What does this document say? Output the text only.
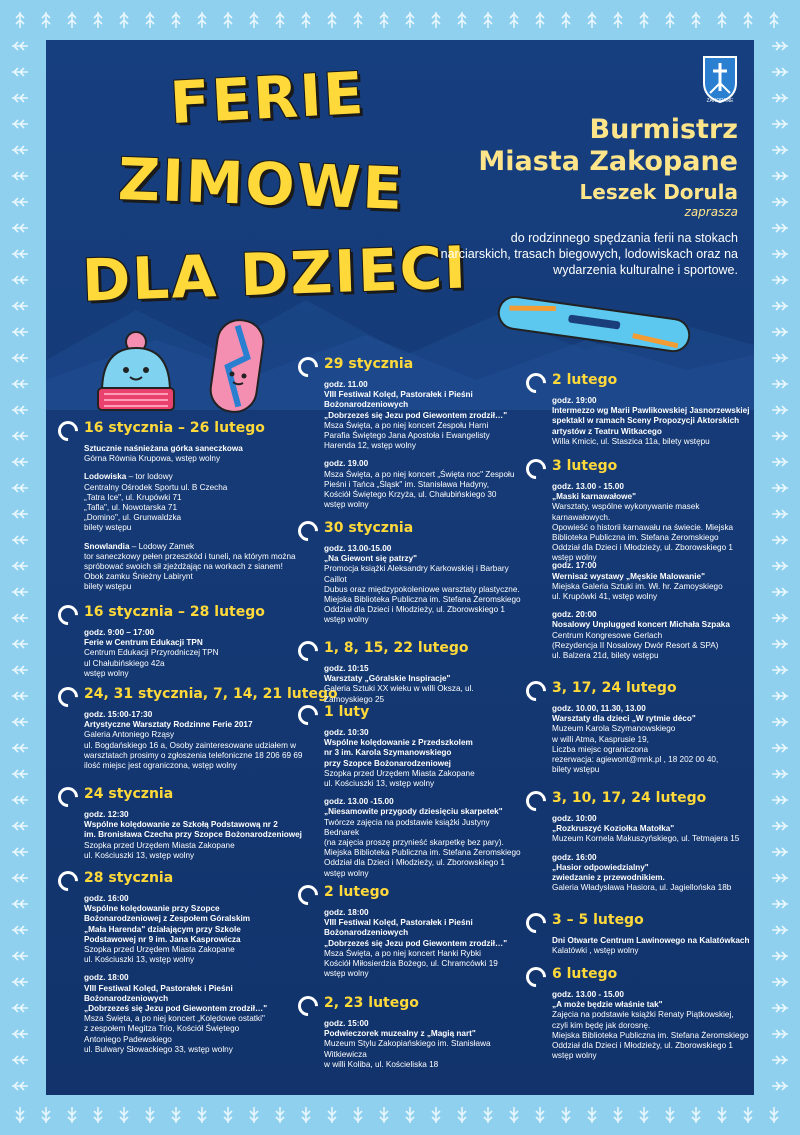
FERIE
ZIMOWE
DLA DZIECI
ZAKOPANE
Burmistrz
Miasta Zakopane
Leszek Dorula
zaprasza
do rodzinnego spędzania ferii na stokach narciarskich, trasach biegowych, lodowiskach oraz na wydarzenia kulturalne i sportowe.
16 stycznia – 26 lutego
Sztucznie naśnieżana górka saneczkowa
Górna Równia Krupowa, wstęp wolny
Lodowiska – tor lodowy
Centralny Ośrodek Sportu ul. B Czecha
„Tatra Ice", ul. Krupówki 71
„Tafla", ul. Nowotarska 71
„Domino", ul. Grunwaldzka
bilety wstępu
Snowlandia – Lodowy Zamek
tor saneczkowy pełen przeszkód i tuneli, na którym można
spróbować swoich sił zjeżdżając na workach z sianem!
Obok zamku Śnieżny Labirynt
bilety wstępu
16 stycznia – 28 lutego
godz. 9:00 – 17:00
Ferie w Centrum Edukacji TPN
Centrum Edukacji Przyrodniczej TPN
ul Chałubińskiego 42a
wstęp wolny
24, 31 stycznia, 7, 14, 21 lutego
godz. 15:00-17:30
Artystyczne Warsztaty Rodzinne Ferie 2017
Galeria Antoniego Rząsy
ul. Bogdańskiego 16 a, Osoby zainteresowane udziałem w
warsztatach prosimy o zgłoszenia telefoniczne 18 206 69 69
ilość miejsc jest ograniczona, wstęp wolny
24 stycznia
godz. 12:30
Wspólne kolędowanie ze Szkołą Podstawową nr 2
im. Bronisława Czecha przy Szopce Bożonarodzeniowej
Szopka przed Urzędem Miasta Zakopane
ul. Kościuszki 13, wstęp wolny
28 stycznia
godz. 16:00
Wspólne kolędowanie przy Szopce
Bożonarodzeniowej z Zespołem Góralskim
„Mała Harenda" działającym przy Szkole
Podstawowej nr 9 im. Jana Kasprowicza
Szopka przed Urzędem Miasta Zakopane
ul. Kościuszki 13, wstęp wolny
godz. 18:00
VIII Festiwal Kolęd, Pastorałek i Pieśni
Bożonarodzeniowych
„Dobrzeześ się Jezu pod Giewontem zrodził…"
Msza Święta, a po niej koncert „Kolędowe ostatki"
z zespołem Megitza Trio, Kościół Świętego
Antoniego Padewskiego
ul. Bulwary Słowackiego 33, wstęp wolny
29 stycznia
godz. 11.00
VIII Festiwal Kolęd, Pastorałek i Pieśni
Bożonarodzeniowych
„Dobrzeześ się Jezu pod Giewontem zrodził…"
Msza Święta, a po niej koncert Zespołu Harni
Parafia Świętego Jana Apostoła i Ewangelisty
Harenda 12, wstęp wolny
godz. 19.00
Msza Święta, a po niej koncert „Święta noc" Zespołu
Pieśni i Tańca „Śląsk" im. Stanisława Hadyny,
Kościół Świętego Krzyża, ul. Chałubińskiego 30
wstęp wolny
30 stycznia
godz. 13.00-15.00
„Na Giewont się patrzy"
Promocja książki Aleksandry Karkowskiej i Barbary Caillot
Dubus oraz międzypokoleniowe warsztaty plastyczne.
Miejska Biblioteka Publiczna im. Stefana Żeromskiego
Oddział dla Dzieci i Młodzieży, ul. Zborowskiego 1
wstęp wolny
1, 8, 15, 22 lutego
godz. 10:15
Warsztaty „Góralskie Inspiracje"
Galeria Sztuki XX wieku w willi Oksza, ul. Zamoyskiego 25
1 luty
godz. 10:30
Wspólne kolędowanie z Przedszkolem
nr 3 im. Karola Szymanowskiego
przy Szopce Bożonarodzeniowej
Szopka przed Urzędem Miasta Zakopane
ul. Kościuszki 13, wstęp wolny
godz. 13.00 -15.00
„Niesamowite przygody dziesięciu skarpetek"
Twórcze zajęcia na podstawie książki Justyny Bednarek
(na zajęcia proszę przynieść skarpetkę bez pary).
Miejska Biblioteka Publiczna im. Stefana Żeromskiego
Oddział dla Dzieci i Młodzieży, ul. Zborowskiego 1
wstęp wolny
2 lutego
godz. 18:00
VIII Festiwal Kolęd, Pastorałek i Pieśni
Bożonarodzeniowych
„Dobrzeześ się Jezu pod Giewontem zrodził…"
Msza Święta, a po niej koncert Hanki Rybki
Kościół Miłosierdzia Bożego, ul. Chramcówki 19
wstęp wolny
2, 23 lutego
godz. 15:00
Podwieczorek muzealny z „Magią nart"
Muzeum Stylu Zakopiańskiego im. Stanisława Witkiewicza
w willi Koliba, ul. Kościeliska 18
2 lutego
godz. 19:00
Intermezzo wg Marii Pawlikowskiej Jasnorzewskiej
spektakl w ramach Sceny Propozycji Aktorskich
artystów z Teatru Witkacego
Willa Kmicic, ul. Staszica 11a, bilety wstępu
3 lutego
godz. 13.00 - 15.00
„Maski karnawałowe"
Warsztaty, wspólne wykonywanie masek karnawałowych.
Opowieść o historii karnawału na świecie. Miejska
Biblioteka Publiczna im. Stefana Żeromskiego
Oddział dla Dzieci i Młodzieży, ul. Zborowskiego 1
wstęp wolny
godz. 17:00
Wernisaż wystawy „Męskie Malowanie"
Miejska Galeria Sztuki im. Wł. hr. Zamoyskiego
ul. Krupówki 41, wstęp wolny
godz. 20:00
Nosalowy Unplugged koncert Michała Szpaka
Centrum Kongresowe Gerlach
(Rezydencja II Nosalowy Dwór Resort & SPA)
ul. Balzera 21d, bilety wstępu
3, 17, 24 lutego
godz. 10.00, 11.30, 13.00
Warsztaty dla dzieci „W rytmie déco"
Muzeum Karola Szymanowskiego
w willi Atma, Kasprusie 19,
Liczba miejsc ograniczona
rezerwacja: agiewont@mnk.pl , 18 202 00 40,
bilety wstępu
3, 10, 17, 24 lutego
godz. 10:00
„Rozkruszyć Koziołka Matołka"
Muzeum Kornela Makuszyńskiego, ul. Tetmajera 15
godz. 16:00
„Hasior odpowiedzialny"
zwiedzanie z przewodnikiem.
Galeria Władysława Hasiora, ul. Jagiellońska 18b
3 – 5 lutego
Dni Otwarte Centrum Lawinowego na Kalatówkach
Kalatówki , wstęp wolny
6 lutego
godz. 13.00 - 15.00
„A może będzie właśnie tak"
Zajęcia na podstawie książki Renaty Piątkowskiej,
czyli kim będę jak dorosnę.
Miejska Biblioteka Publiczna im. Stefana Żeromskiego
Oddział dla Dzieci i Młodzieży, ul. Zborowskiego 1
wstęp wolny
